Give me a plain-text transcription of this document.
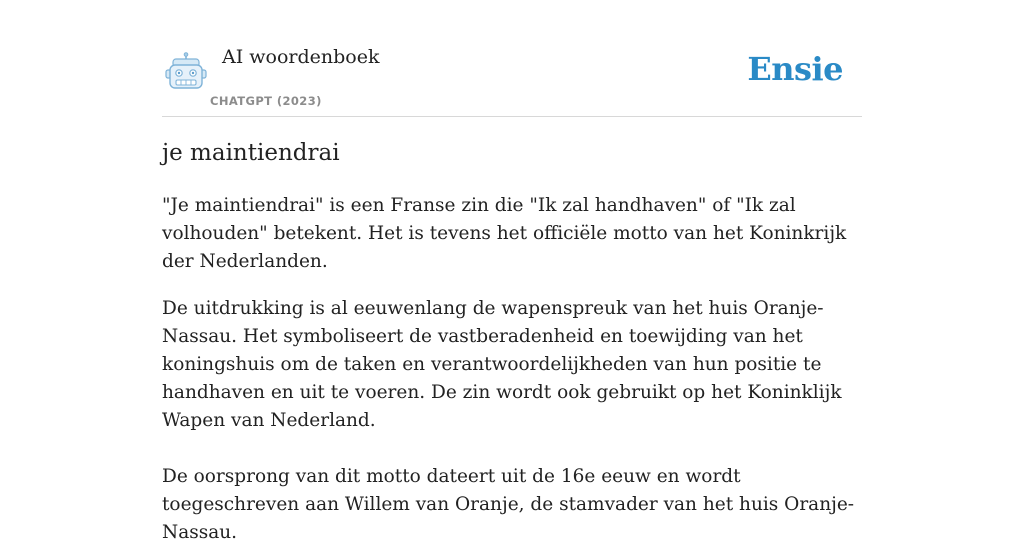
AI woordenboek
CHATGPT (2023)
Ensie
je maintiendrai

"Je maintiendrai" is een Franse zin die "Ik zal handhaven" of "Ik zal volhouden" betekent. Het is tevens het officiële motto van het Koninkrijk der Nederlanden.

De uitdrukking is al eeuwenlang de wapenspreuk van het huis Oranje-Nassau. Het symboliseert de vastberadenheid en toewijding van het koningshuis om de taken en verantwoordelijkheden van hun positie te handhaven en uit te voeren. De zin wordt ook gebruikt op het Koninklijk Wapen van Nederland.

De oorsprong van dit motto dateert uit de 16e eeuw en wordt toegeschreven aan Willem van Oranje, de stamvader van het huis Oranje-Nassau.
